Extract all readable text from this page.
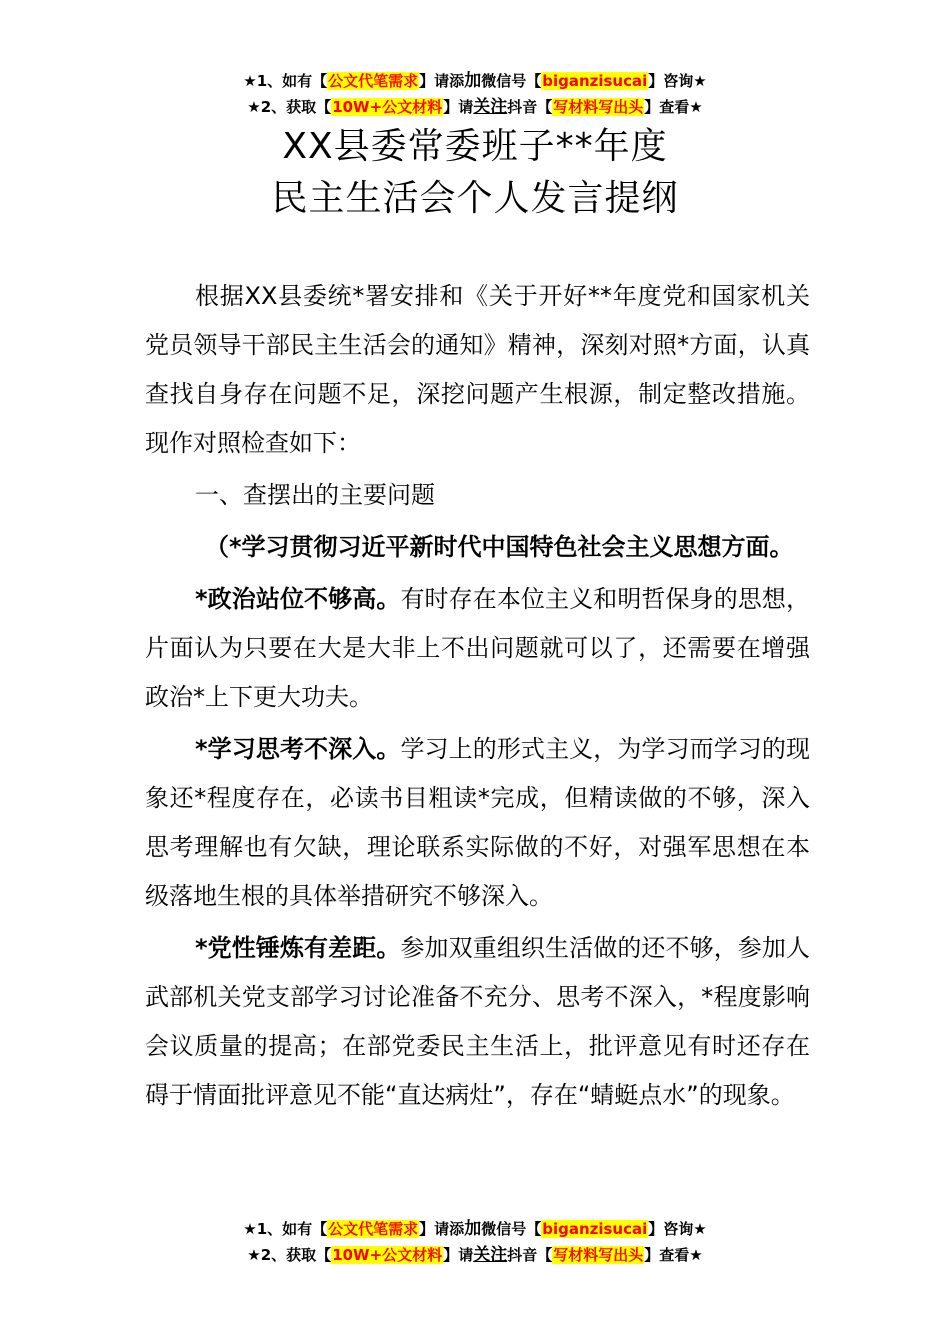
★1、如有【公文代笔需求】请添加微信号【biganzisucai】咨询★
★2、获取【10W+公文材料】请关注抖音【写材料写出头】查看★
XX县委常委班子**年度
民主生活会个人发言提纲

根据XX县委统*署安排和《关于开好**年度党和国家机关党员领导干部民主生活会的通知》精神，深刻对照*方面，认真查找自身存在问题不足，深挖问题产生根源，制定整改措施。现作对照检查如下：

一、查摆出的主要问题

（*学习贯彻习近平新时代中国特色社会主义思想方面。

*政治站位不够高。有时存在本位主义和明哲保身的思想，片面认为只要在大是大非上不出问题就可以了，还需要在增强政治*上下更大功夫。

*学习思考不深入。学习上的形式主义，为学习而学习的现象还*程度存在，必读书目粗读*完成，但精读做的不够，深入思考理解也有欠缺，理论联系实际做的不好，对强军思想在本级落地生根的具体举措研究不够深入。

*党性锤炼有差距。参加双重组织生活做的还不够，参加人武部机关党支部学习讨论准备不充分、思考不深入，*程度影响会议质量的提高；在部党委民主生活上，批评意见有时还存在碍于情面批评意见不能“直达病灶”，存在“蜻蜓点水”的现象。

★1、如有【公文代笔需求】请添加微信号【biganzisucai】咨询★
★2、获取【10W+公文材料】请关注抖音【写材料写出头】查看★
